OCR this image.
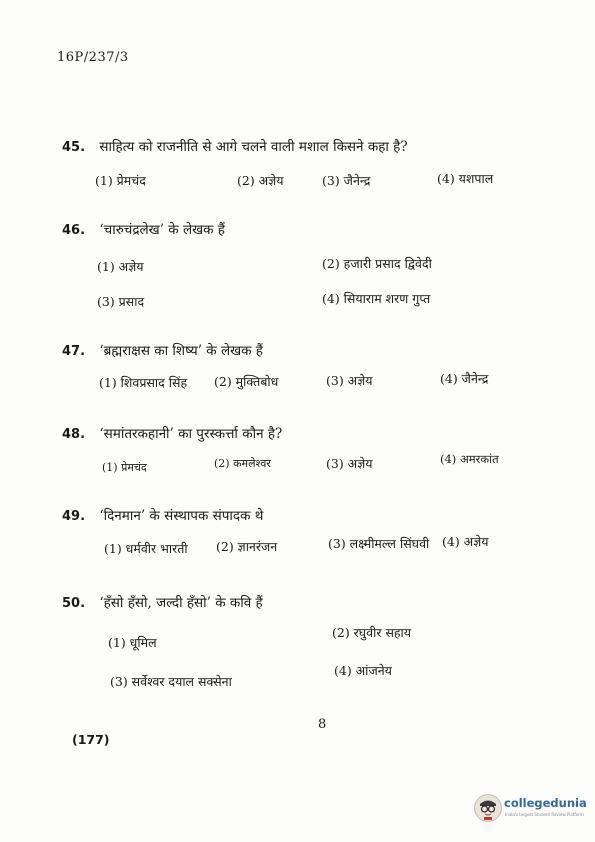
16P/237/3
45. साहित्य को राजनीति से आगे चलने वाली मशाल किसने कहा है?
(1) प्रेमचंद	(2) अज्ञेय	(3) जैनेन्द्र	(4) यशपाल
46. ‘चारुचंद्रलेख’ के लेखक हैं
(1) अज्ञेय	(2) हजारी प्रसाद द्विवेदी
(3) प्रसाद	(4) सियाराम शरण गुप्त
47. ‘ब्रह्मराक्षस का शिष्य’ के लेखक हैं
(1) शिवप्रसाद सिंह (2) मुक्तिबोध	(3) अज्ञेय	(4) जैनेन्द्र
48. ‘समांतरकहानी’ का पुरस्कर्त्ता कौन है?
(1) प्रेमचंद	(2) कमलेश्वर	(3) अज्ञेय	(4) अमरकांत
49. ‘दिनमान’ के संस्थापक संपादक थे
(1) धर्मवीर भारती (2) ज्ञानरंजन	(3) लक्ष्मीमल्ल सिंघवी (4) अज्ञेय
50. ‘हँसो हँसो, जल्दी हँसो’ के कवि हैं
(1) धूमिल
(2) रघुवीर सहाय
(3) सर्वेश्वर दयाल सक्सेना
(4) आंजनेय
8
(177)
collegedunia
India's largest Student Review Platform
